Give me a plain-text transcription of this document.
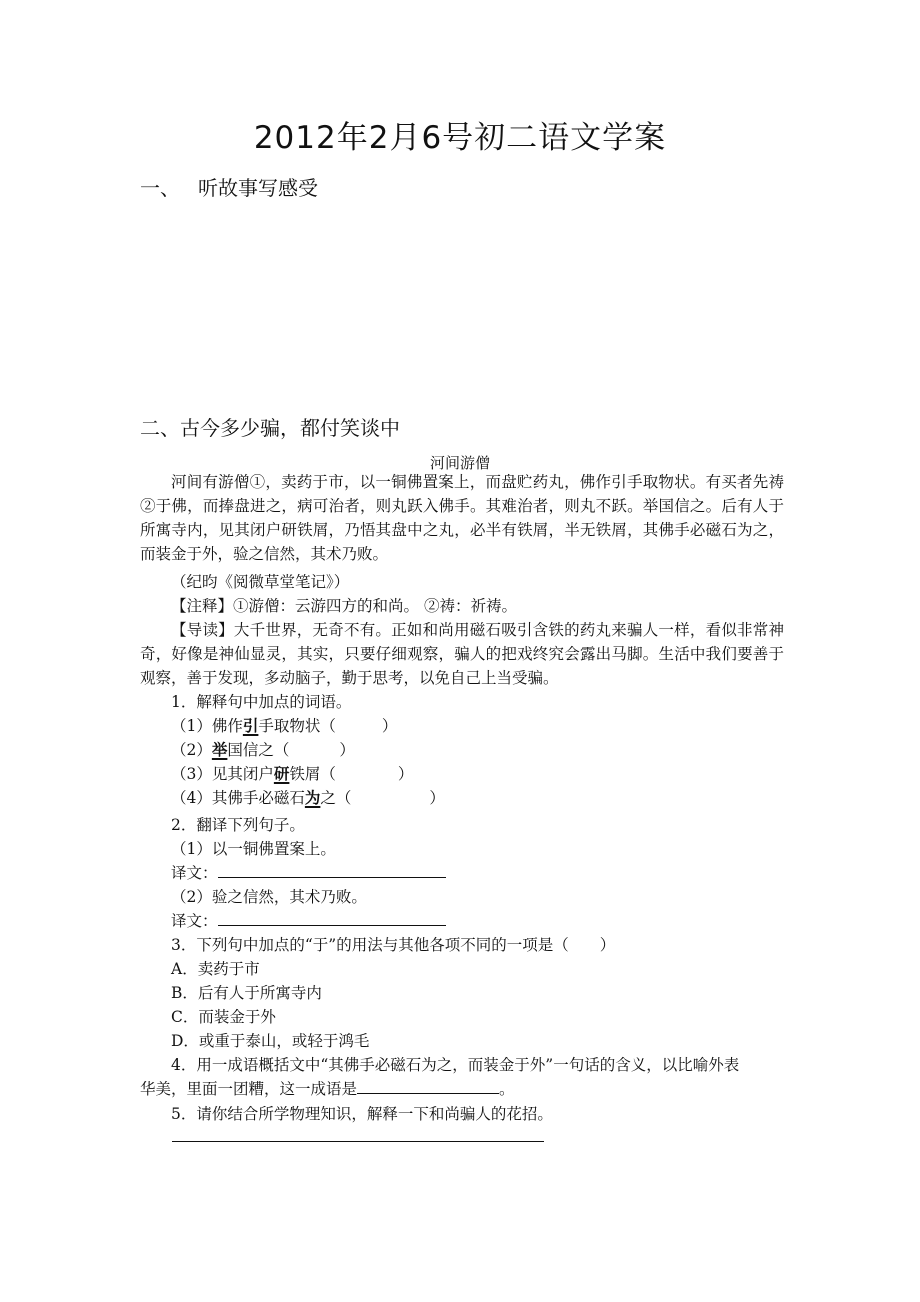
2012年2月6号初二语文学案
一、 听故事写感受
二、古今多少骗，都付笑谈中
河间游僧
河间有游僧①，卖药于市，以一铜佛置案上，而盘贮药丸，佛作引手取物状。有买者先祷②于佛，而捧盘进之，病可治者，则丸跃入佛手。其难治者，则丸不跃。举国信之。后有人于所寓寺内，见其闭户研铁屑，乃悟其盘中之丸，必半有铁屑，半无铁屑，其佛手必磁石为之，而装金于外，验之信然，其术乃败。
（纪昀《阅微草堂笔记》）
【注释】①游僧：云游四方的和尚。 ②祷：祈祷。
【导读】大千世界，无奇不有。正如和尚用磁石吸引含铁的药丸来骗人一样，看似非常神奇，好像是神仙显灵，其实，只要仔细观察，骗人的把戏终究会露出马脚。生活中我们要善于观察，善于发现，多动脑子，勤于思考，以免自己上当受骗。
1．解释句中加点的词语。
（1）佛作引手取物状（	）
（2）举国信之（	）
（3）见其闭户研铁屑（	）
（4）其佛手必磁石为之（	）
2．翻译下列句子。
（1）以一铜佛置案上。
译文：
（2）验之信然，其术乃败。
译文：
3．下列句中加点的“于”的用法与其他各项不同的一项是（　　）
A．卖药于市
B．后有人于所寓寺内
C．而装金于外
D．或重于泰山，或轻于鸿毛
4．用一成语概括文中“其佛手必磁石为之，而装金于外”一句话的含义，以比喻外表
华美，里面一团糟，这一成语是	。
5．请你结合所学物理知识，解释一下和尚骗人的花招。
